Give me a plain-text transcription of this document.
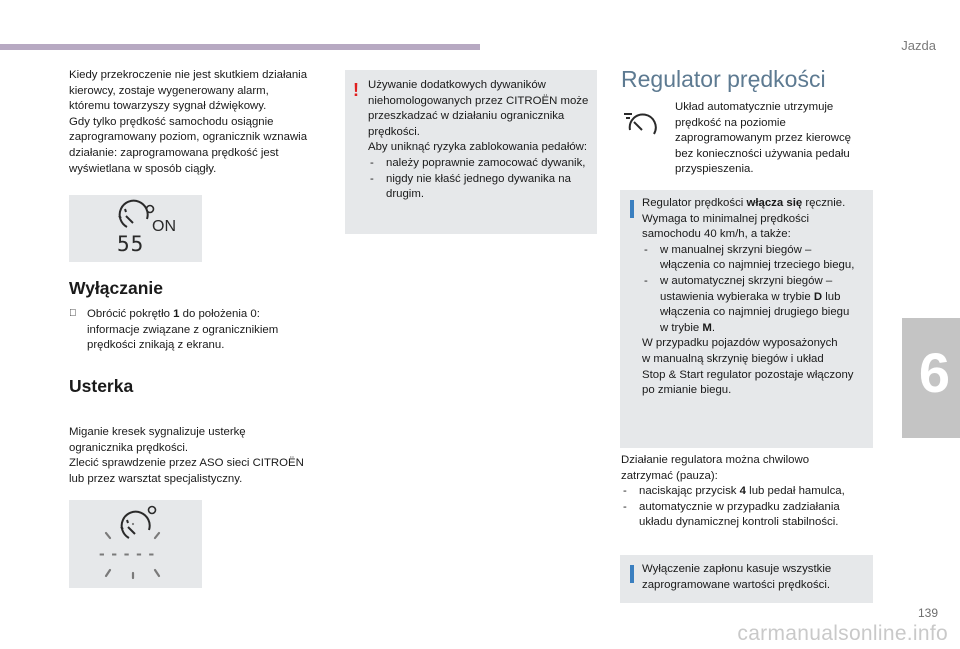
Jazda
6

Kiedy przekroczenie nie jest skutkiem działania
kierowcy, zostaje wygenerowany alarm,
któremu towarzyszy sygnał dźwiękowy.
Gdy tylko prędkość samochodu osiągnie
zaprogramowany poziom, ogranicznik wznawia
działanie: zaprogramowana prędkość jest
wyświetlana w sposób ciągły.

55
ON
Wyłączanie

Obrócić pokrętło 1 do położenia 0:
informacje związane z ogranicznikiem
prędkości znikają z ekranu.

Usterka

Miganie kresek sygnalizuje usterkę
ogranicznika prędkości.
Zlecić sprawdzenie przez ASO sieci CITROËN
lub przez warsztat specjalistyczny.

- - - - -
! Używanie dodatkowych dywaników
niehomologowanych przez CITROËN może
przeszkadzać w działaniu ogranicznika
prędkości.
Aby uniknąć ryzyka zablokowania pedałów:

- należy poprawnie zamocować dywanik,

- nigdy nie kłaść jednego dywanika na
drugim.

Regulator prędkości

Układ automatycznie utrzymuje
prędkość na poziomie
zaprogramowanym przez kierowcę
bez konieczności używania pedału
przyspieszenia.

Regulator prędkości włącza się ręcznie.
Wymaga to minimalnej prędkości
samochodu 40 km/h, a także:

- w manualnej skrzyni biegów –
włączenia co najmniej trzeciego biegu,

- w automatycznej skrzyni biegów –
ustawienia wybieraka w trybie D lub
włączenia co najmniej drugiego biegu
w trybie M.

W przypadku pojazdów wyposażonych
w manualną skrzynię biegów i układ
Stop & Start regulator pozostaje włączony
po zmianie biegu.

Działanie regulatora można chwilowo
zatrzymać (pauza):

- naciskając przycisk 4 lub pedał hamulca,

- automatycznie w przypadku zadziałania
układu dynamicznej kontroli stabilności.

Wyłączenie zapłonu kasuje wszystkie
zaprogramowane wartości prędkości.

139
carmanualsonline.info
